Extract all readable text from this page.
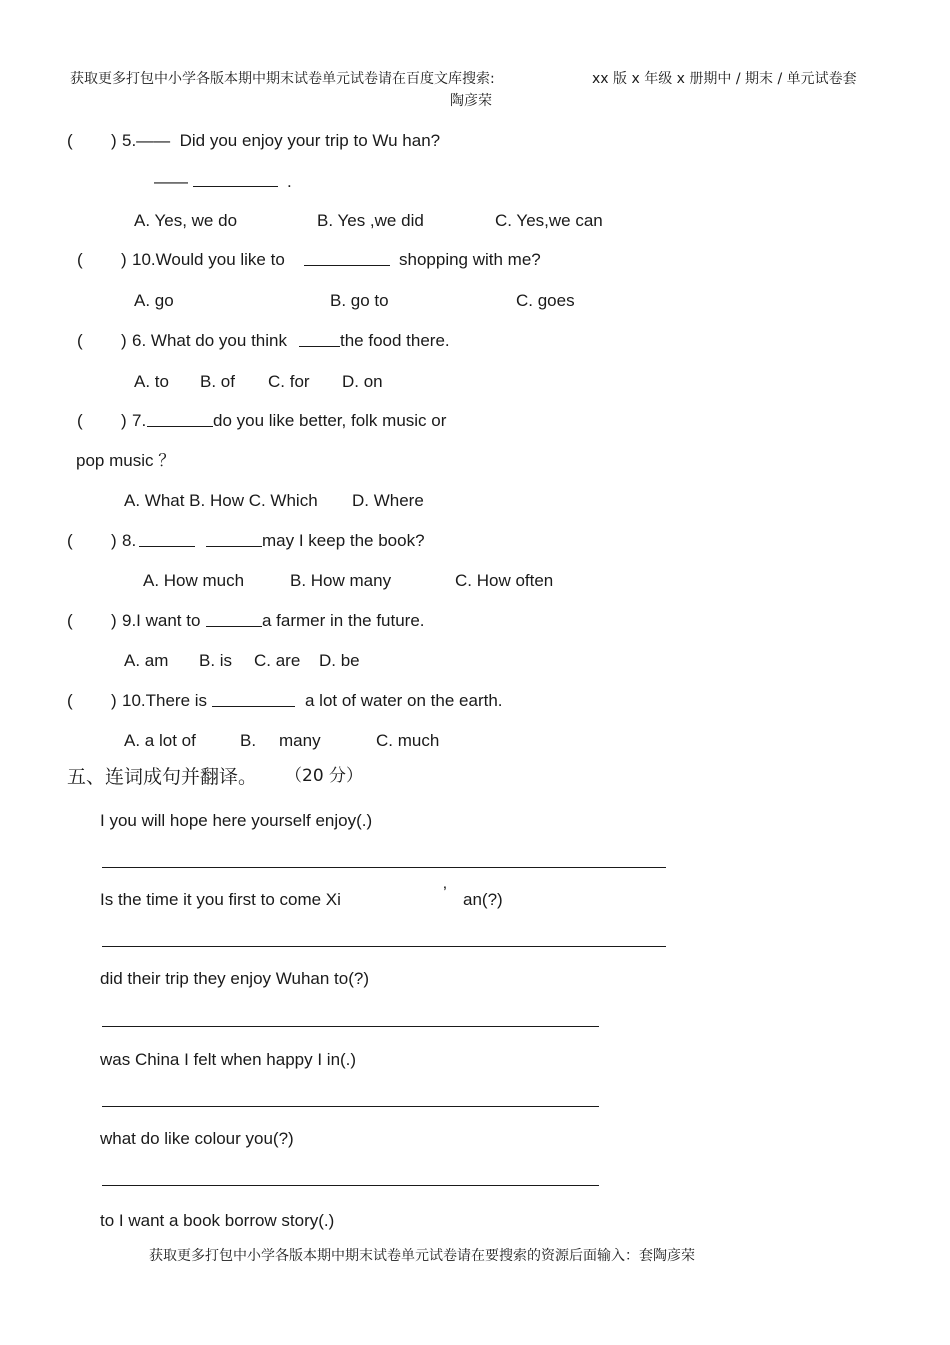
获取更多打包中小学各版本期中期末试卷单元试卷请在百度文库搜索:	xx 版 x 年级 x 册期中 / 期末 / 单元试卷套
陶彦荣
( ) 5.——  Did you enjoy your trip to Wu han?
——	.
A. Yes, we do	B. Yes ,we did	C. Yes,we can
( ) 10.Would you like to	shopping with me?
A. go	B. go to	C. goes
( ) 6. What do you think	the food there.
A. to B. of C. for D. on
( ) 7.	do you like better, folk music or
pop music ？
A. What B. How C. Which D. Where
( ) 8.	may I keep the book?
A. How much	B. How many	C. How often
( ) 9.I want to	a farmer in the future.
A. am B. is C. are D. be
( ) 10.There is	a lot of water on the earth.
A. a lot of	B. many	C. much
五、连词成句并翻译。 （20 分）
I you will hope here yourself enjoy(.)
Is the time it you first to come Xi	’ an(?)
did their trip they enjoy Wuhan to(?)
was China I felt when happy I in(.)
what do like colour you(?)
to I want a book borrow story(.)
获取更多打包中小学各版本期中期末试卷单元试卷请在要搜索的资源后面输入：套陶彦荣
